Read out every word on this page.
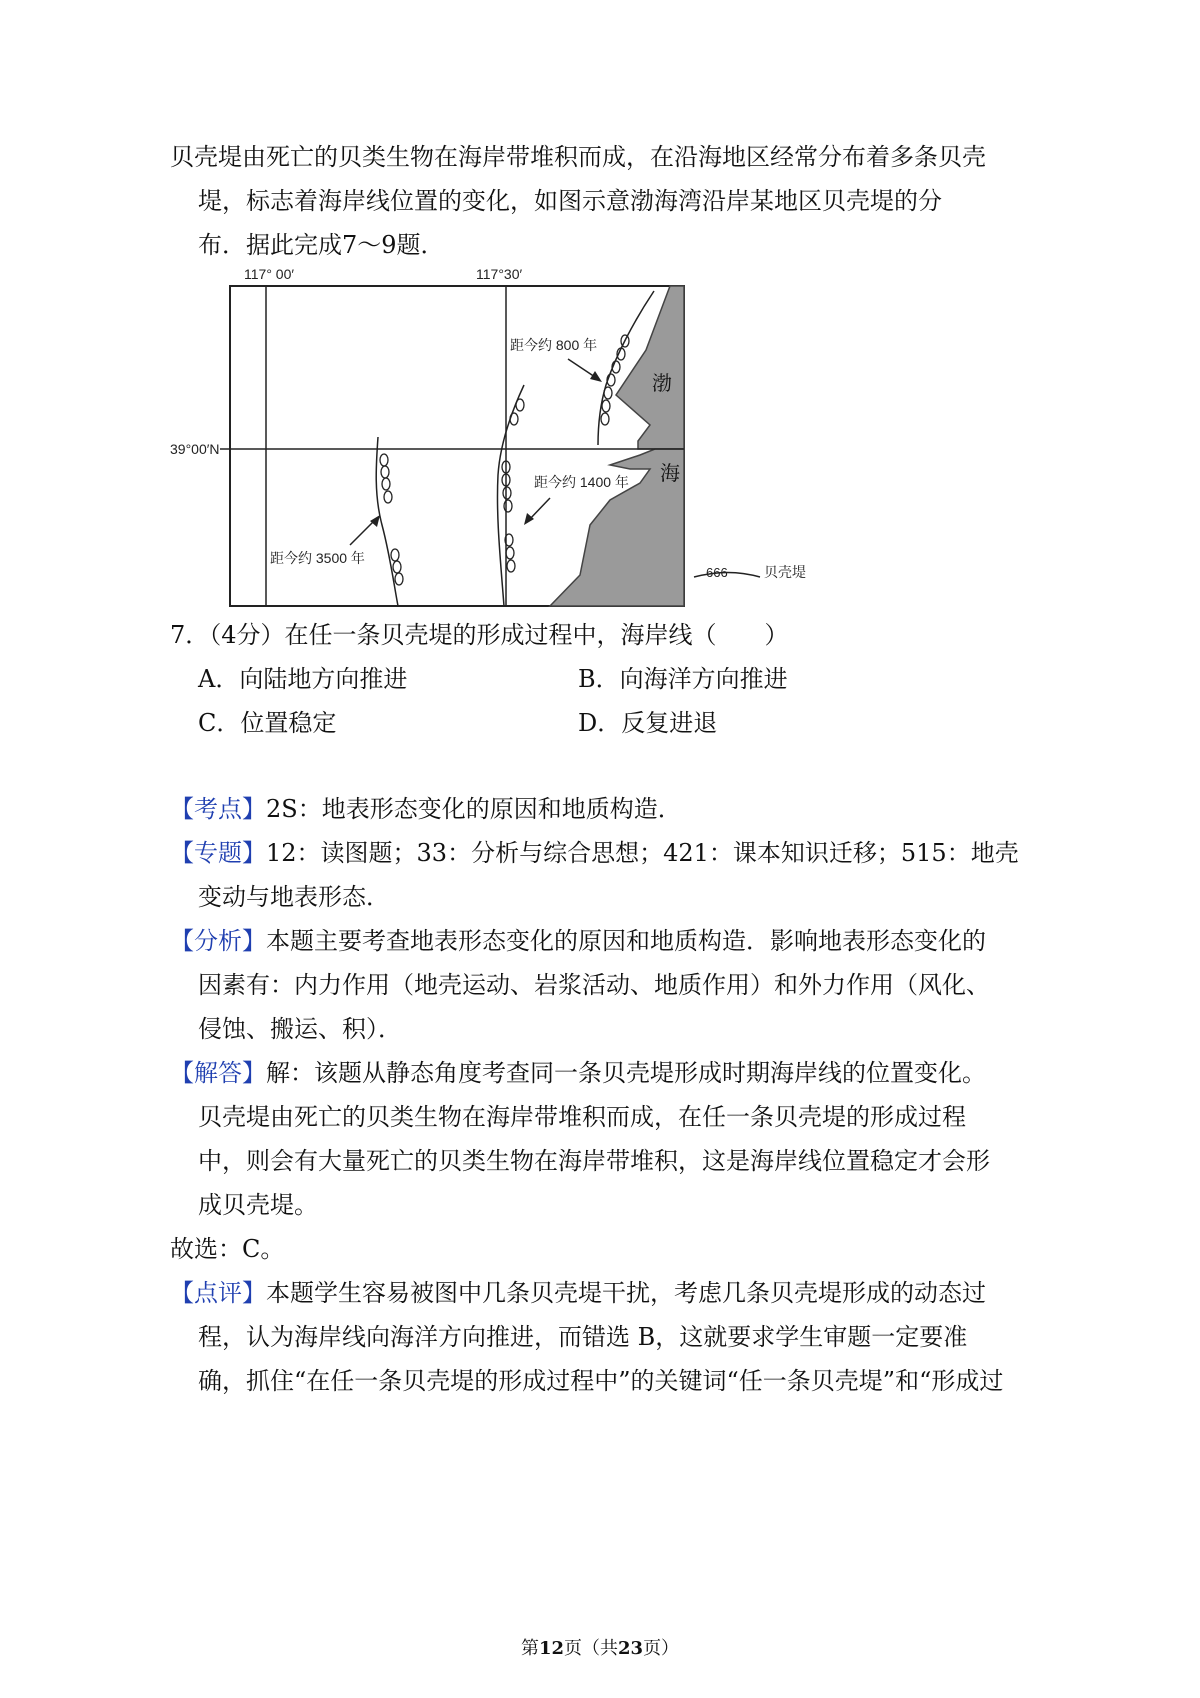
贝壳堤由死亡的贝类生物在海岸带堆积而成，在沿海地区经常分布着多条贝壳
堤，标志着海岸线位置的变化，如图示意渤海湾沿岸某地区贝壳堤的分
布．据此完成7～9题．
117° 00′	117°30′
39°00′N
距今约 800 年
距今约 1400 年
距今约 3500 年
渤
海
666	贝壳堤
7．（4分）在任一条贝壳堤的形成过程中，海岸线（　　）
A．向陆地方向推进	B．向海洋方向推进
C．位置稳定	D．反复进退
【考点】2S：地表形态变化的原因和地质构造．
【专题】12：读图题；33：分析与综合思想；421：课本知识迁移；515：地壳
变动与地表形态．
【分析】本题主要考查地表形态变化的原因和地质构造．影响地表形态变化的
因素有：内力作用（地壳运动、岩浆活动、地质作用）和外力作用（风化、
侵蚀、搬运、积）．
【解答】解：该题从静态角度考查同一条贝壳堤形成时期海岸线的位置变化。
贝壳堤由死亡的贝类生物在海岸带堆积而成，在任一条贝壳堤的形成过程
中，则会有大量死亡的贝类生物在海岸带堆积，这是海岸线位置稳定才会形
成贝壳堤。
故选：C。
【点评】本题学生容易被图中几条贝壳堤干扰，考虑几条贝壳堤形成的动态过
程，认为海岸线向海洋方向推进，而错选 B，这就要求学生审题一定要准
确，抓住“在任一条贝壳堤的形成过程中”的关键词“任一条贝壳堤”和“形成过
第12页（共23页）
